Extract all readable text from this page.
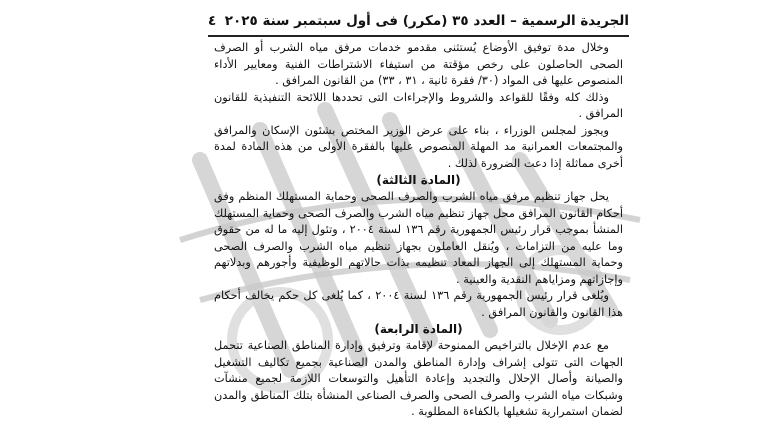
الجريدة الرسمية – العدد ٣٥ (مكرر) فى أول سبتمبر سنة ٢٠٢٥
٤

وخلال مدة توفيق الأوضاع يُستثنى مقدمو خدمات مرفق مياه الشرب أو الصرف الصحى الحاصلون على رخص مؤقتة من استيفاء الاشتراطات الفنية ومعايير الأداء المنصوص عليها فى المواد (٣٠/ فقرة ثانية ، ٣١ ، ٣٣) من القانون المرافق .

وذلك كله وفقًا للقواعد والشروط والإجراءات التى تحددها اللائحة التنفيذية للقانون المرافق .

ويجوز لمجلس الوزراء ، بناء على عرض الوزير المختص بشئون الإسكان والمرافق والمجتمعات العمرانية مد المهلة المنصوص عليها بالفقرة الأولى من هذه المادة لمدة أخرى مماثلة إذا دعت الضرورة لذلك .

(المادة الثالثة)

يحل جهاز تنظيم مرفق مياه الشرب والصرف الصحى وحماية المستهلك المنظم وفق أحكام القانون المرافق محل جهاز تنظيم مياه الشرب والصرف الصحى وحماية المستهلك المنشأ بموجب قرار رئيس الجمهورية رقم ١٣٦ لسنة ٢٠٠٤ ، وتئول إليه ما له من حقوق وما عليه من التزامات ، ويُنقل العاملون بجهاز تنظيم مياه الشرب والصرف الصحى وحماية المستهلك إلى الجهاز المعاد تنظيمه بذات حالاتهم الوظيفية وأجورهم وبدلاتهم وإجازاتهم ومزاياهم النقدية والعينية .

ويُلغى قرار رئيس الجمهورية رقم ١٣٦ لسنة ٢٠٠٤ ، كما يُلغى كل حكم يخالف أحكام هذا القانون والقانون المرافق .

(المادة الرابعة)

مع عدم الإخلال بالتراخيص الممنوحة لإقامة وترفيق وإدارة المناطق الصناعية تتحمل الجهات التى تتولى إشراف وإدارة المناطق والمدن الصناعية بجميع تكاليف التشغيل والصيانة وأصال الإحلال والتجديد وإعادة التأهيل والتوسعات اللازمة لجميع منشآت وشبكات مياه الشرب والصرف الصحى والصرف الصناعى المنشأة بتلك المناطق والمدن لضمان استمرارية تشغيلها بالكفاءة المطلوبة .
